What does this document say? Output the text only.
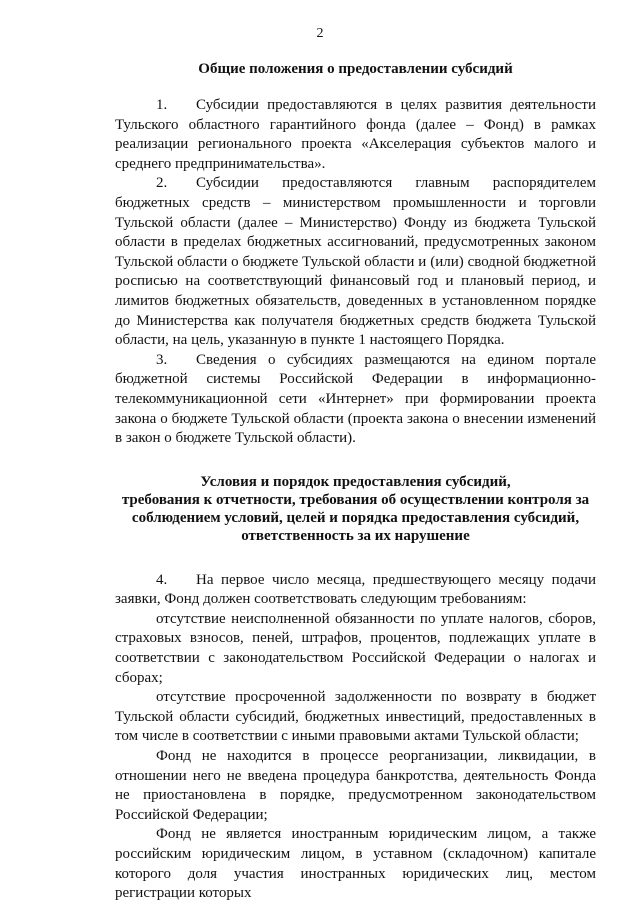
2
Общие положения о предоставлении субсидий

1. Субсидии предоставляются в целях развития деятельности Тульского областного гарантийного фонда (далее – Фонд) в рамках реализации регионального проекта «Акселерация субъектов малого и среднего предпринимательства».

2. Субсидии предоставляются главным распорядителем бюджетных средств – министерством промышленности и торговли Тульской области (далее – Министерство) Фонду из бюджета Тульской области в пределах бюджетных ассигнований, предусмотренных законом Тульской области о бюджете Тульской области и (или) сводной бюджетной росписью на соответствующий финансовый год и плановый период, и лимитов бюджетных обязательств, доведенных в установленном порядке до Министерства как получателя бюджетных средств бюджета Тульской области, на цель, указанную в пункте 1 настоящего Порядка.

3. Сведения о субсидиях размещаются на едином портале бюджетной системы Российской Федерации в информационно-телекоммуникационной сети «Интернет» при формировании проекта закона о бюджете Тульской области (проекта закона о внесении изменений в закон о бюджете Тульской области).

Условия и порядок предоставления субсидий,
требования к отчетности, требования об осуществлении контроля за
соблюдением условий, целей и порядка предоставления субсидий,
ответственность за их нарушение

4. На первое число месяца, предшествующего месяцу подачи заявки, Фонд должен соответствовать следующим требованиям:

отсутствие неисполненной обязанности по уплате налогов, сборов, страховых взносов, пеней, штрафов, процентов, подлежащих уплате в соответствии с законодательством Российской Федерации о налогах и сборах;

отсутствие просроченной задолженности по возврату в бюджет Тульской области субсидий, бюджетных инвестиций, предоставленных в том числе в соответствии с иными правовыми актами Тульской области;

Фонд не находится в процессе реорганизации, ликвидации, в отношении него не введена процедура банкротства, деятельность Фонда не приостановлена в порядке, предусмотренном законодательством Российской Федерации;

Фонд не является иностранным юридическим лицом, а также российским юридическим лицом, в уставном (складочном) капитале которого доля участия иностранных юридических лиц, местом регистрации которых
